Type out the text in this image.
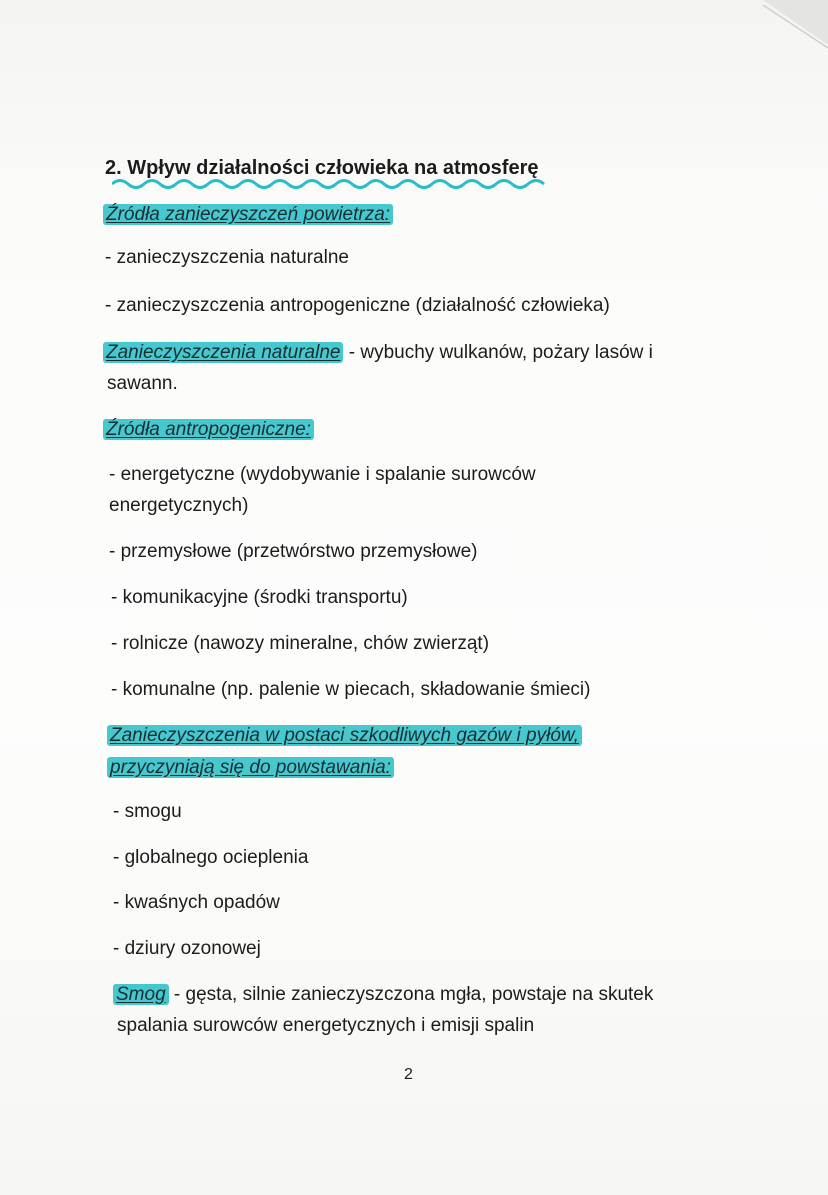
2. Wpływ działalności człowieka na atmosferę
Źródła zanieczyszczeń powietrza:
- zanieczyszczenia naturalne
- zanieczyszczenia antropogeniczne (działalność człowieka)
Zanieczyszczenia naturalne - wybuchy wulkanów, pożary lasów i
sawann.
Źródła antropogeniczne:
- energetyczne (wydobywanie i spalanie surowców
energetycznych)
- przemysłowe (przetwórstwo przemysłowe)
- komunikacyjne (środki transportu)
- rolnicze (nawozy mineralne, chów zwierząt)
- komunalne (np. palenie w piecach, składowanie śmieci)
Zanieczyszczenia w postaci szkodliwych gazów i pyłów,
przyczyniają się do powstawania:
- smogu
- globalnego ocieplenia
- kwaśnych opadów
- dziury ozonowej
Smog - gęsta, silnie zanieczyszczona mgła, powstaje na skutek
spalania surowców energetycznych i emisji spalin
2
